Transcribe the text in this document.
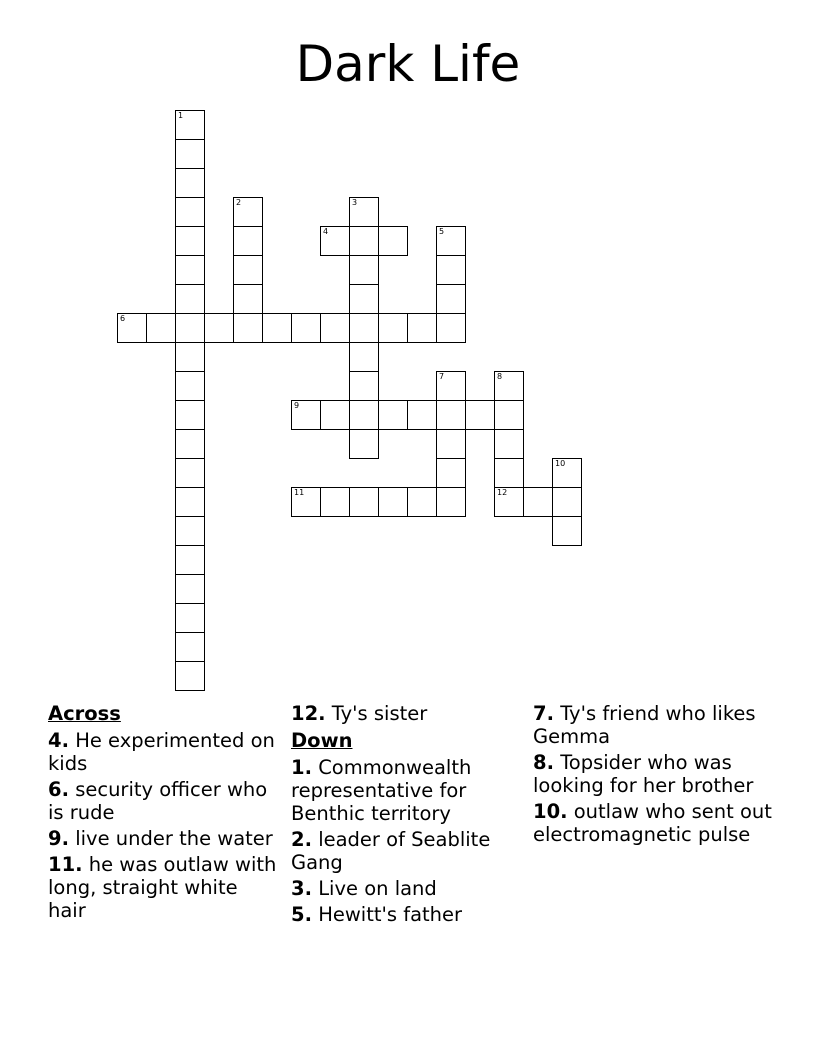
Dark Life
1
2	3
4	5
6
7	8
9
10
11	12
Across
4. He experimented on kids
6. security officer who is rude
9. live under the water
11. he was outlaw with long, straight white hair
12. Ty's sister
Down
1. Commonwealth representative for Benthic territory
2. leader of Seablite Gang
3. Live on land
5. Hewitt's father
7. Ty's friend who likes Gemma
8. Topsider who was looking for her brother
10. outlaw who sent out electromagnetic pulse
